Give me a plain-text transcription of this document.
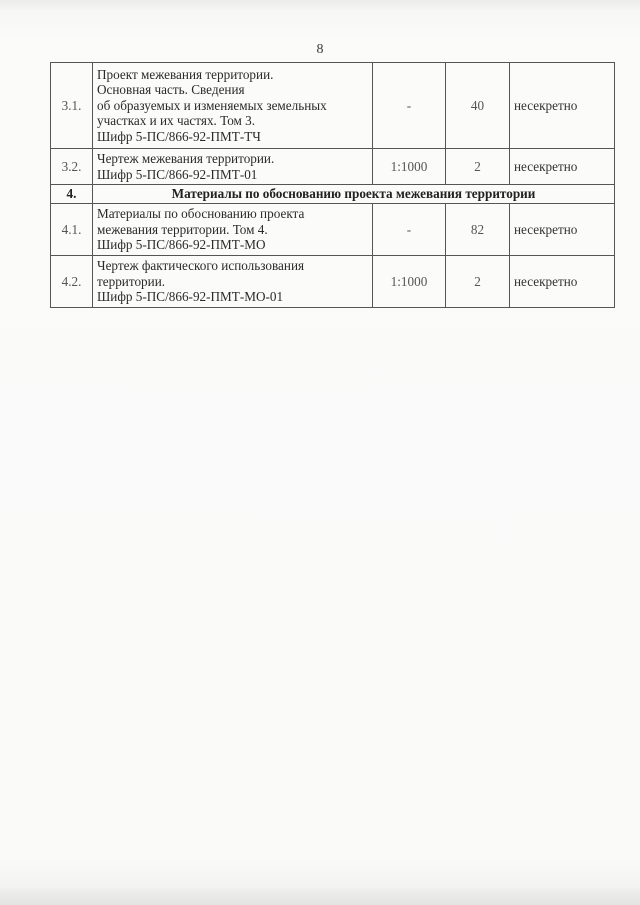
8
3.1.	Проект межевания территории.
Основная часть. Сведения
об образуемых и изменяемых земельных
участках и их частях. Том 3.
Шифр 5-ПС/866-92-ПМТ-ТЧ	-	40	несекретно
3.2.	Чертеж межевания территории.
Шифр 5-ПС/866-92-ПМТ-01	1:1000	2	несекретно
4.	Материалы по обоснованию проекта межевания территории			
4.1.	Материалы по обоснованию проекта
межевания территории. Том 4.
Шифр 5-ПС/866-92-ПМТ-МО	-	82	несекретно
4.2.	Чертеж фактического использования
территории.
Шифр 5-ПС/866-92-ПМТ-МО-01	1:1000	2	несекретно
